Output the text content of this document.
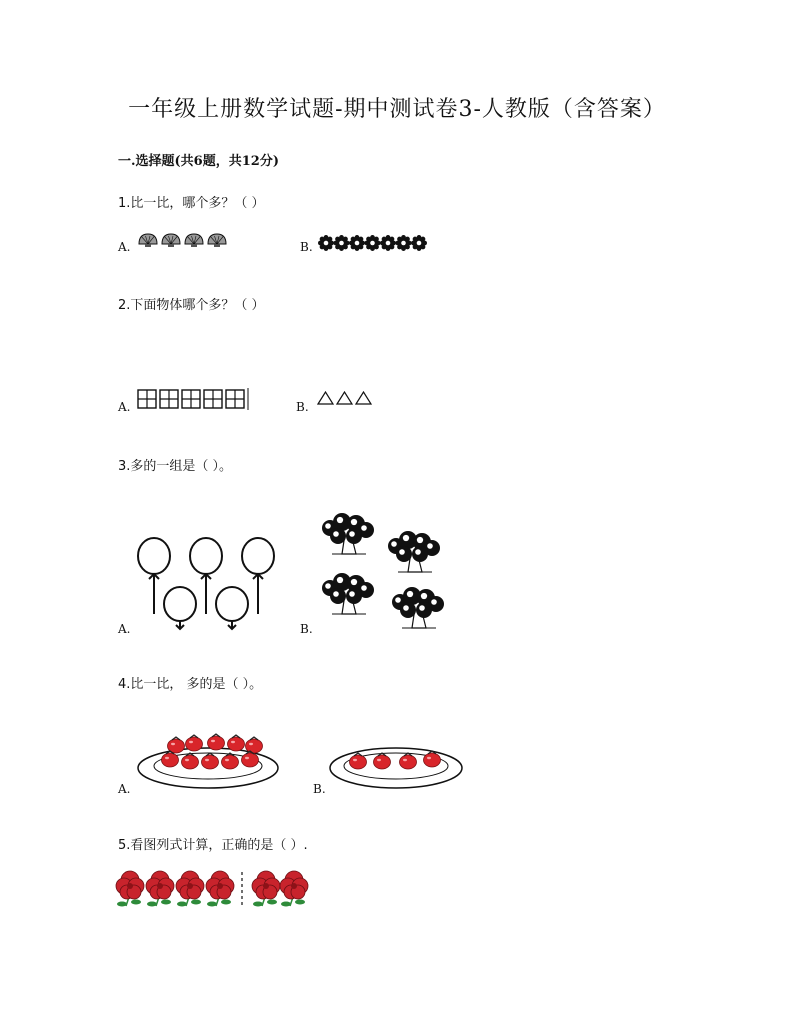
一年级上册数学试题-期中测试卷3-人教版（含答案）
一.选择题(共6题，共12分)
1.比一比，哪个多？（ ）
A.	B.
2.下面物体哪个多？（ ）
A.	B.
3.多的一组是（ ）。
A.	B.
4.比一比， 多的是（ ）。
A.	B.
5.看图列式计算，正确的是（ ）.
